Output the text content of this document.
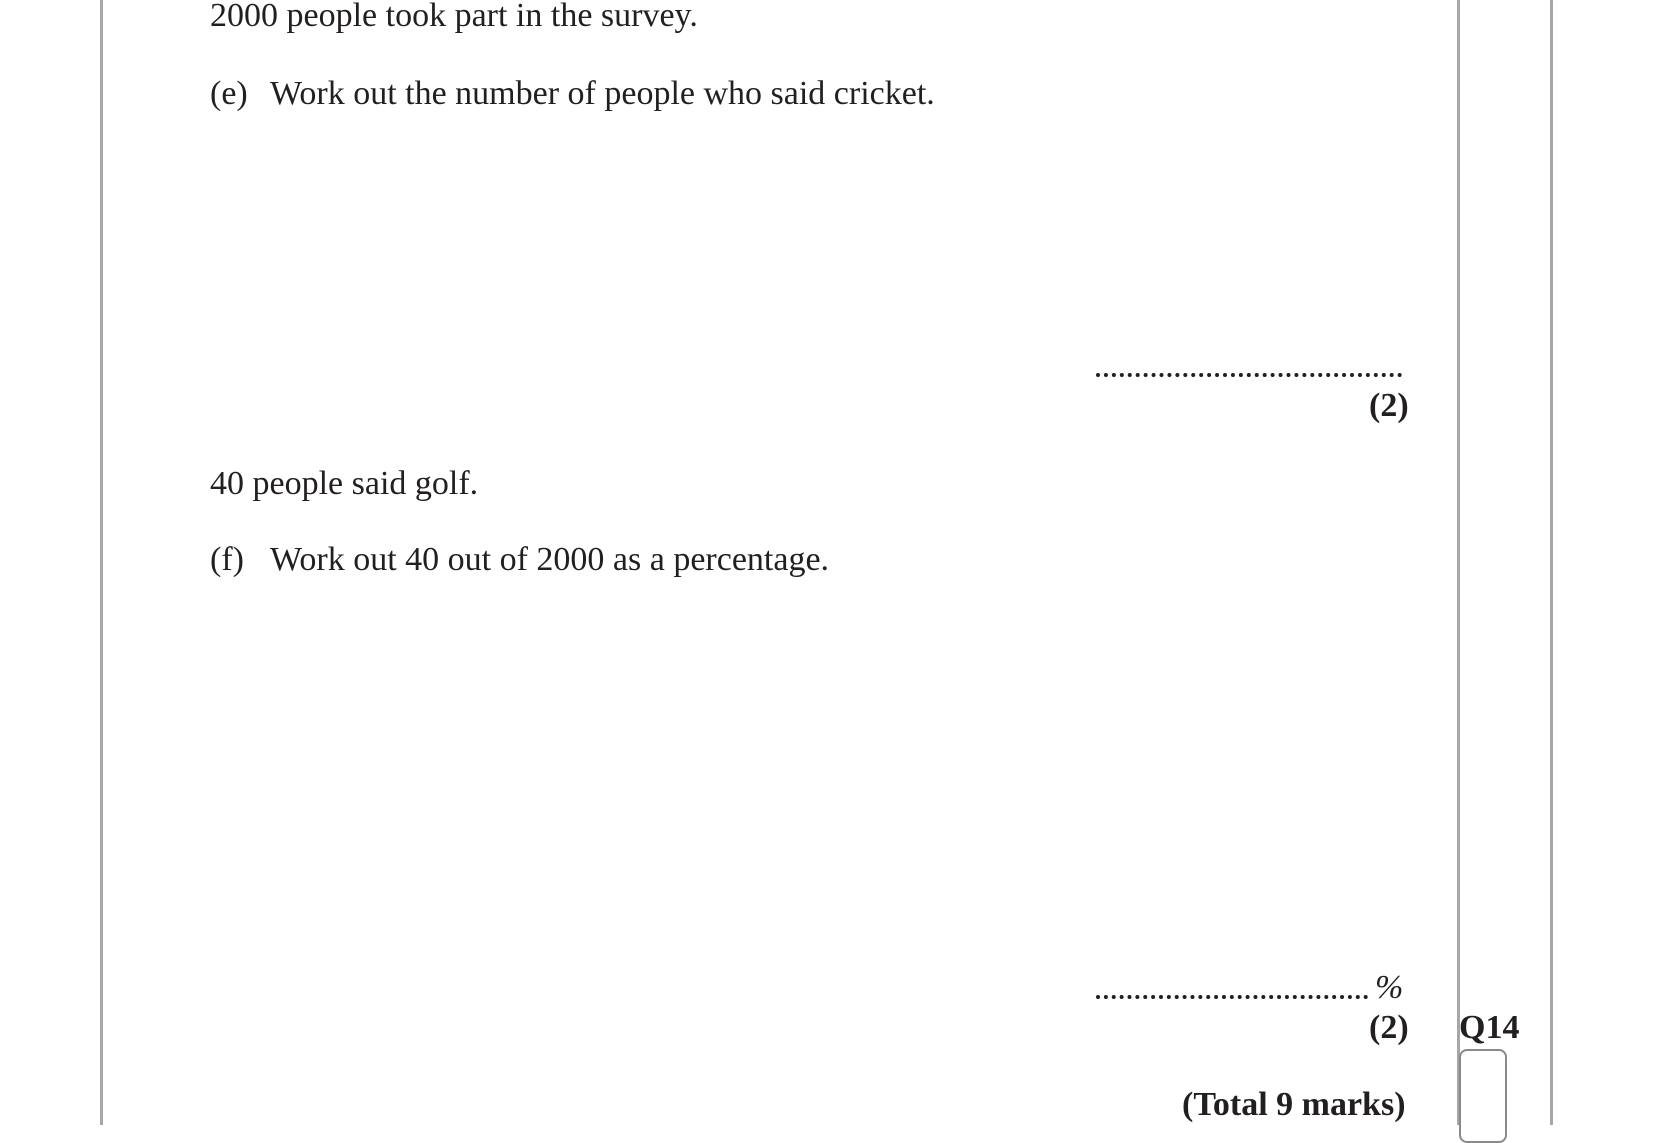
2000 people took part in the survey.
(e) Work out the number of people who said cricket.
(2)
40 people said golf.
(f) Work out 40 out of 2000 as a percentage.
%
(2) Q14
(Total 9 marks)
